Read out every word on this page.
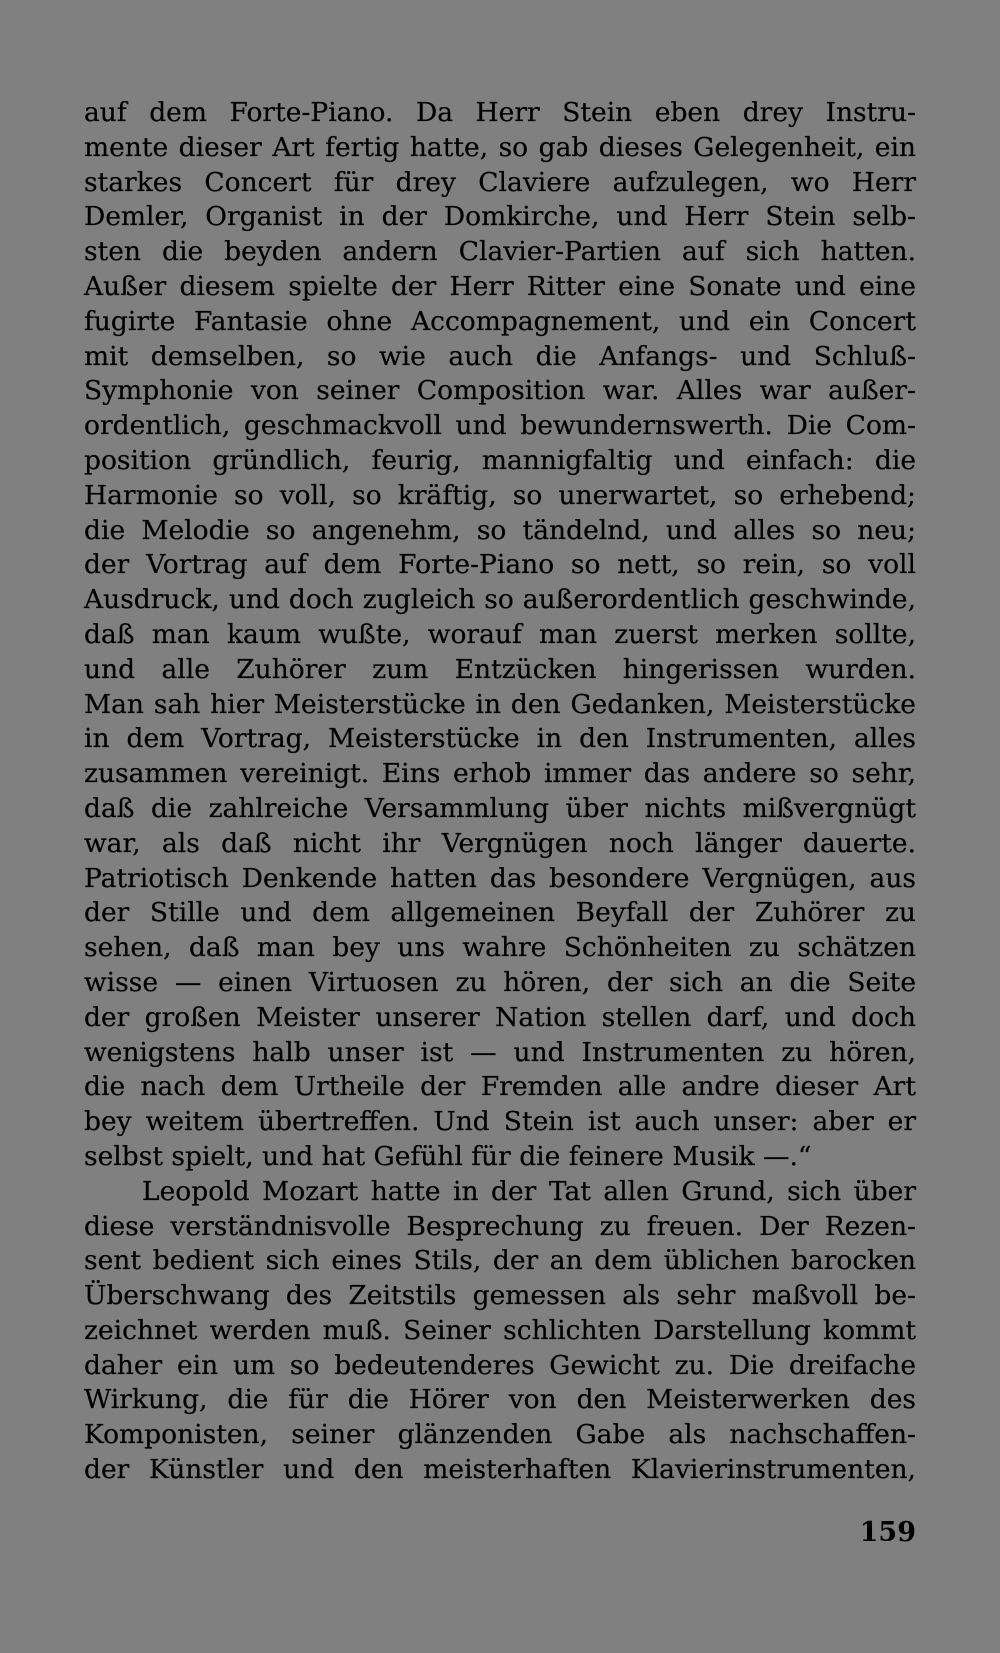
auf dem Forte-Piano. Da Herr Stein eben drey Instru-
mente dieser Art fertig hatte, so gab dieses Gelegenheit, ein
starkes Concert für drey Claviere aufzulegen, wo Herr
Demler, Organist in der Domkirche, und Herr Stein selb-
sten die beyden andern Clavier-Partien auf sich hatten.
Außer diesem spielte der Herr Ritter eine Sonate und eine
fugirte Fantasie ohne Accompagnement, und ein Concert
mit demselben, so wie auch die Anfangs- und Schluß-
Symphonie von seiner Composition war. Alles war außer-
ordentlich, geschmackvoll und bewundernswerth. Die Com-
position gründlich, feurig, mannigfaltig und einfach: die
Harmonie so voll, so kräftig, so unerwartet, so erhebend;
die Melodie so angenehm, so tändelnd, und alles so neu;
der Vortrag auf dem Forte-Piano so nett, so rein, so voll
Ausdruck, und doch zugleich so außerordentlich geschwinde,
daß man kaum wußte, worauf man zuerst merken sollte,
und alle Zuhörer zum Entzücken hingerissen wurden.
Man sah hier Meisterstücke in den Gedanken, Meisterstücke
in dem Vortrag, Meisterstücke in den Instrumenten, alles
zusammen vereinigt. Eins erhob immer das andere so sehr,
daß die zahlreiche Versammlung über nichts mißvergnügt
war, als daß nicht ihr Vergnügen noch länger dauerte.
Patriotisch Denkende hatten das besondere Vergnügen, aus
der Stille und dem allgemeinen Beyfall der Zuhörer zu
sehen, daß man bey uns wahre Schönheiten zu schätzen
wisse — einen Virtuosen zu hören, der sich an die Seite
der großen Meister unserer Nation stellen darf, und doch
wenigstens halb unser ist — und Instrumenten zu hören,
die nach dem Urtheile der Fremden alle andre dieser Art
bey weitem übertreffen. Und Stein ist auch unser: aber er
selbst spielt, und hat Gefühl für die feinere Musik —.“
Leopold Mozart hatte in der Tat allen Grund, sich über
diese verständnisvolle Besprechung zu freuen. Der Rezen-
sent bedient sich eines Stils, der an dem üblichen barocken
Überschwang des Zeitstils gemessen als sehr maßvoll be-
zeichnet werden muß. Seiner schlichten Darstellung kommt
daher ein um so bedeutenderes Gewicht zu. Die dreifache
Wirkung, die für die Hörer von den Meisterwerken des
Komponisten, seiner glänzenden Gabe als nachschaffen-
der Künstler und den meisterhaften Klavierinstrumenten,
159
